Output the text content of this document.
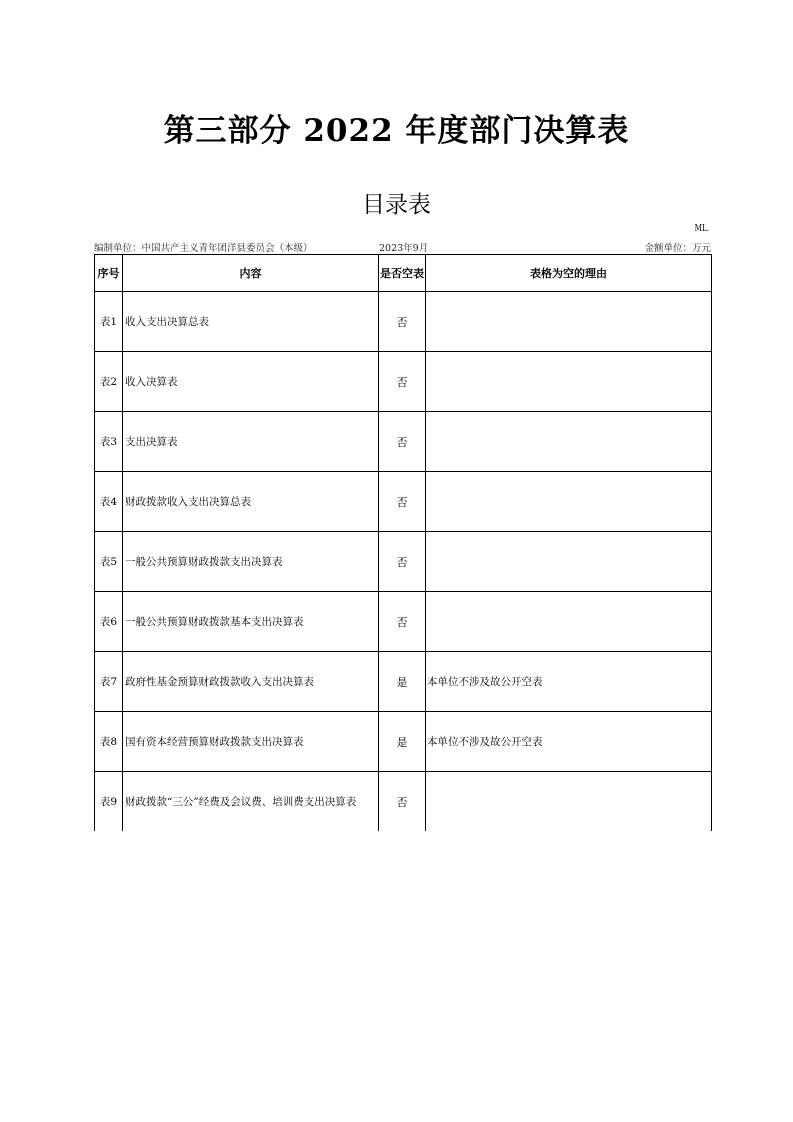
第三部分 2022 年度部门决算表
目录表
ML.
编制单位：中国共产主义青年团洋县委员会（本级）	2023年9月	金额单位：万元
序号	内容	是否空表	表格为空的理由
表1	收入支出决算总表	否	
表2	收入决算表	否	
表3	支出决算表	否	
表4	财政拨款收入支出决算总表	否	
表5	一般公共预算财政拨款支出决算表	否	
表6	一般公共预算财政拨款基本支出决算表	否	
表7	政府性基金预算财政拨款收入支出决算表	是	本单位不涉及故公开空表
表8	国有资本经营预算财政拨款支出决算表	是	本单位不涉及故公开空表
表9	财政拨款“三公”经费及会议费、培训费支出决算表	否	
